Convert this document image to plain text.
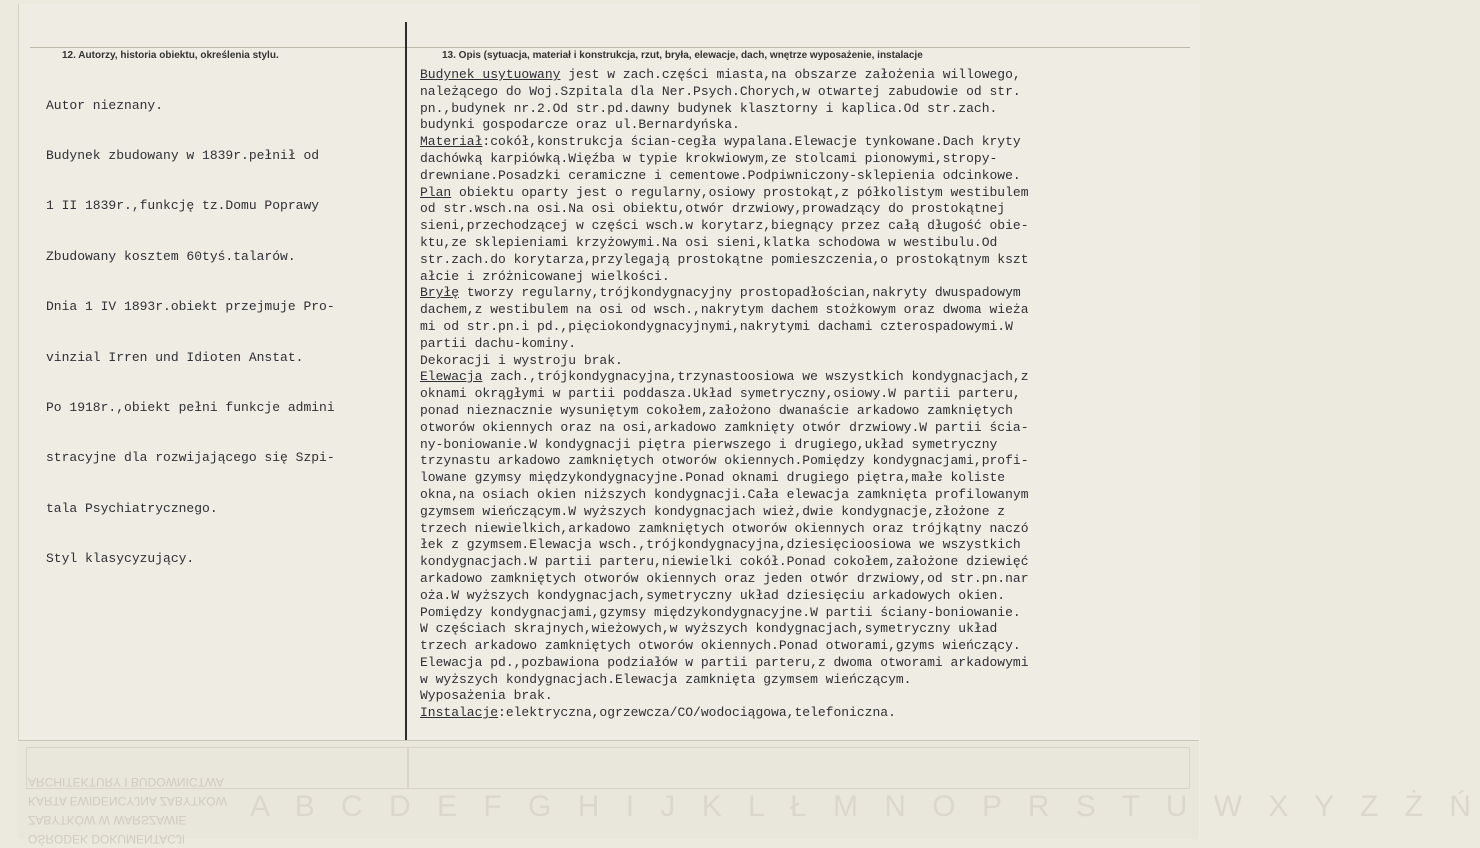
12. Autorzy, historia obiektu, określenia stylu.	13. Opis (sytuacja, materiał i konstrukcja, rzut, bryła, elewacje, dach, wnętrze wyposażenie, instalacje

Autor nieznany.

Budynek zbudowany w 1839r.pełnił od

1 II 1839r.,funkcję tz.Domu Poprawy

Zbudowany kosztem 60tyś.talarów.

Dnia 1 IV 1893r.obiekt przejmuje Pro-

vinzial Irren und Idioten Anstat.

Po 1918r.,obiekt pełni funkcje admini

stracyjne dla rozwijającego się Szpi-

tala Psychiatrycznego.

Styl klasycyzujący.

Budynek usytuowany jest w zach.części miasta,na obszarze założenia willowego,
należącego do Woj.Szpitala dla Ner.Psych.Chorych,w otwartej zabudowie od str.
pn.,budynek nr.2.Od str.pd.dawny budynek klasztorny i kaplica.Od str.zach.
budynki gospodarcze oraz ul.Bernardyńska.
Materiał:cokół,konstrukcja ścian-cegła wypalana.Elewacje tynkowane.Dach kryty
dachówką karpiówką.Więźba w typie krokwiowym,ze stolcami pionowymi,stropy-
drewniane.Posadzki ceramiczne i cementowe.Podpiwniczony-sklepienia odcinkowe.
Plan obiektu oparty jest o regularny,osiowy prostokąt,z półkolistym westibulem
od str.wsch.na osi.Na osi obiektu,otwór drzwiowy,prowadzący do prostokątnej
sieni,przechodzącej w części wsch.w korytarz,biegnący przez całą długość obie-
ktu,ze sklepieniami krzyżowymi.Na osi sieni,klatka schodowa w westibulu.Od
str.zach.do korytarza,przylegają prostokątne pomieszczenia,o prostokątnym kszt
ałcie i zróżnicowanej wielkości.
Bryłę tworzy regularny,trójkondygnacyjny prostopadłościan,nakryty dwuspadowym
dachem,z westibulem na osi od wsch.,nakrytym dachem stożkowym oraz dwoma wieża
mi od str.pn.i pd.,pięciokondygnacyjnymi,nakrytymi dachami czterospadowymi.W
partii dachu-kominy.
Dekoracji i wystroju brak.
Elewacja zach.,trójkondygnacyjna,trzynastoosiowa we wszystkich kondygnacjach,z
oknami okrągłymi w partii poddasza.Układ symetryczny,osiowy.W partii parteru,
ponad nieznacznie wysuniętym cokołem,założono dwanaście arkadowo zamkniętych
otworów okiennych oraz na osi,arkadowo zamknięty otwór drzwiowy.W partii ścia-
ny-boniowanie.W kondygnacji piętra pierwszego i drugiego,układ symetryczny
trzynastu arkadowo zamkniętych otworów okiennych.Pomiędzy kondygnacjami,profi-
lowane gzymsy międzykondygnacyjne.Ponad oknami drugiego piętra,małe koliste
okna,na osiach okien niższych kondygnacji.Cała elewacja zamknięta profilowanym
gzymsem wieńczącym.W wyższych kondygnacjach wież,dwie kondygnacje,złożone z
trzech niewielkich,arkadowo zamkniętych otworów okiennych oraz trójkątny naczó
łek z gzymsem.Elewacja wsch.,trójkondygnacyjna,dziesięcioosiowa we wszystkich
kondygnacjach.W partii parteru,niewielki cokół.Ponad cokołem,założone dziewięć
arkadowo zamkniętych otworów okiennych oraz jeden otwór drzwiowy,od str.pn.nar
oża.W wyższych kondygnacjach,symetryczny układ dziesięciu arkadowych okien.
Pomiędzy kondygnacjami,gzymsy międzykondygnacyjne.W partii ściany-boniowanie.
W częściach skrajnych,wieżowych,w wyższych kondygnacjach,symetryczny układ
trzech arkadowo zamkniętych otworów okiennych.Ponad otworami,gzyms wieńczący.
Elewacja pd.,pozbawiona podziałów w partii parteru,z dwoma otworami arkadowymi
w wyższych kondygnacjach.Elewacja zamknięta gzymsem wieńczącym.
Wyposażenia brak.
Instalacje:elektryczna,ogrzewcza/CO/wodociągowa,telefoniczna.
OŚRODEK DOKUMENTACJI
ZABYTKÓW W WARSZAWIE
KARTA EWIDENCYJNA ZABYTKÓW
ARCHITEKTURY I BUDOWNICTWA
A B C D E F G H I J K L Ł M N O P R S T U W X Y Z Ż Ń
